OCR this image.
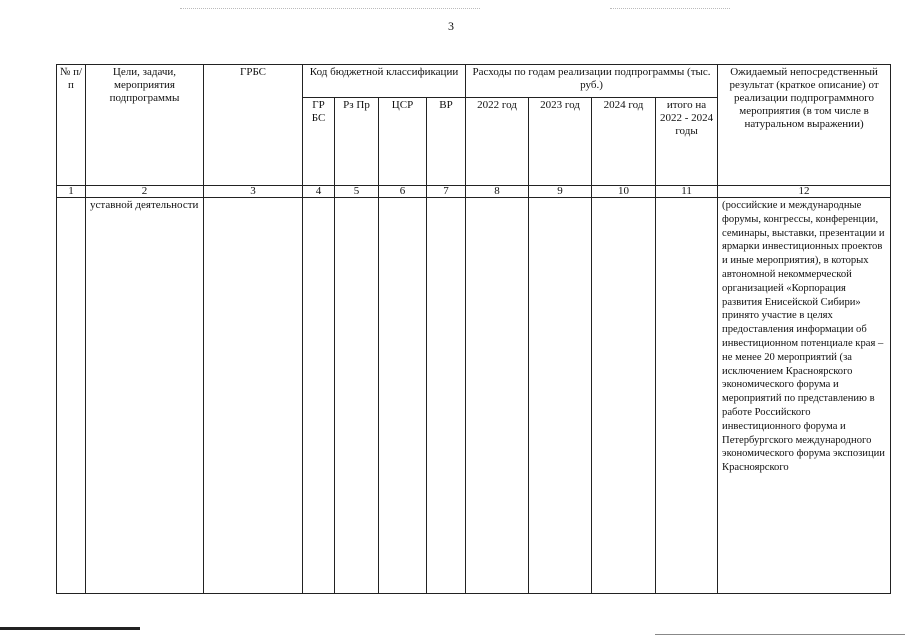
3
№ п/ п	Цели, задачи, мероприятия подпрограммы	ГРБС	Код бюджетной классификации				Расходы по годам реализации подпрограммы (тыс. руб.)				Ожидаемый непосредственный результат (краткое описание) от реализации подпрограммного мероприятия (в том числе в натуральном выражении)
			ГР БС	Рз Пр	ЦСР	ВР	2022 год	2023 год	2024 год	итого на 2022 - 2024 годы	
1	2	3	4	5	6	7	8	9	10	11	12
	уставной деятельности										(российские и международные форумы, конгрессы, конференции, семинары, выставки, презентации и ярмарки инвестиционных проектов и иные мероприятия), в которых автономной некоммерческой организацией «Корпорация развития Енисейской Сибири» принято участие в целях предоставления информации об инвестиционном потенциале края – не менее 20 мероприятий (за исключением Красноярского экономического форума и мероприятий по представлению в работе Российского инвестиционного форума и Петербургского международного экономического форума экспозиции Красноярского
